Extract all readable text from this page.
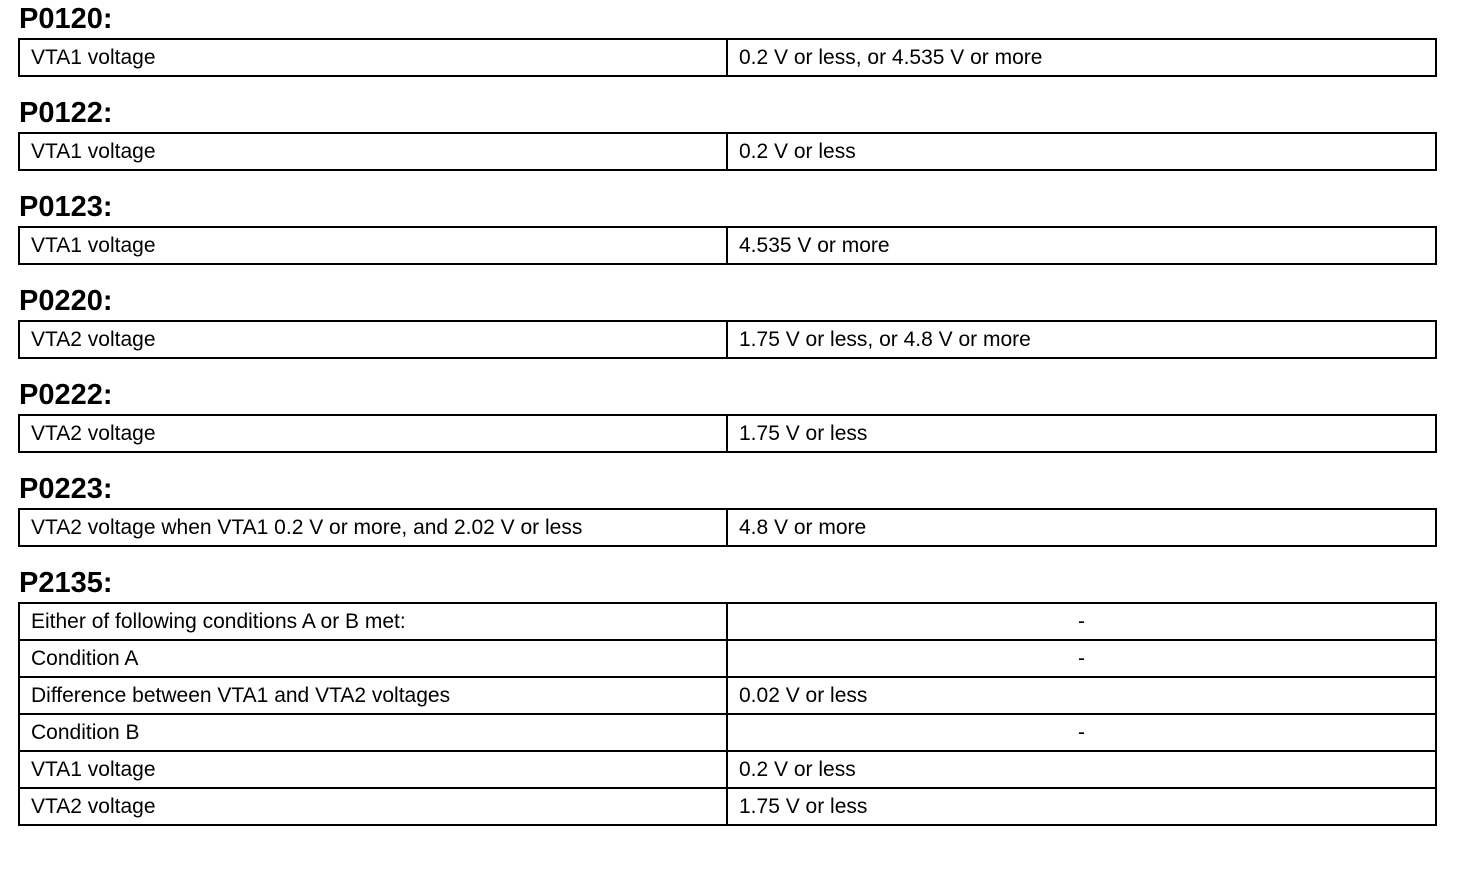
P0120:
VTA1 voltage	0.2 V or less, or 4.535 V or more
P0122:
VTA1 voltage	0.2 V or less
P0123:
VTA1 voltage	4.535 V or more
P0220:
VTA2 voltage	1.75 V or less, or 4.8 V or more
P0222:
VTA2 voltage	1.75 V or less
P0223:
VTA2 voltage when VTA1 0.2 V or more, and 2.02 V or less	4.8 V or more
P2135:
Either of following conditions A or B met:	-
Condition A	-
Difference between VTA1 and VTA2 voltages	0.02 V or less
Condition B	-
VTA1 voltage	0.2 V or less
VTA2 voltage	1.75 V or less
